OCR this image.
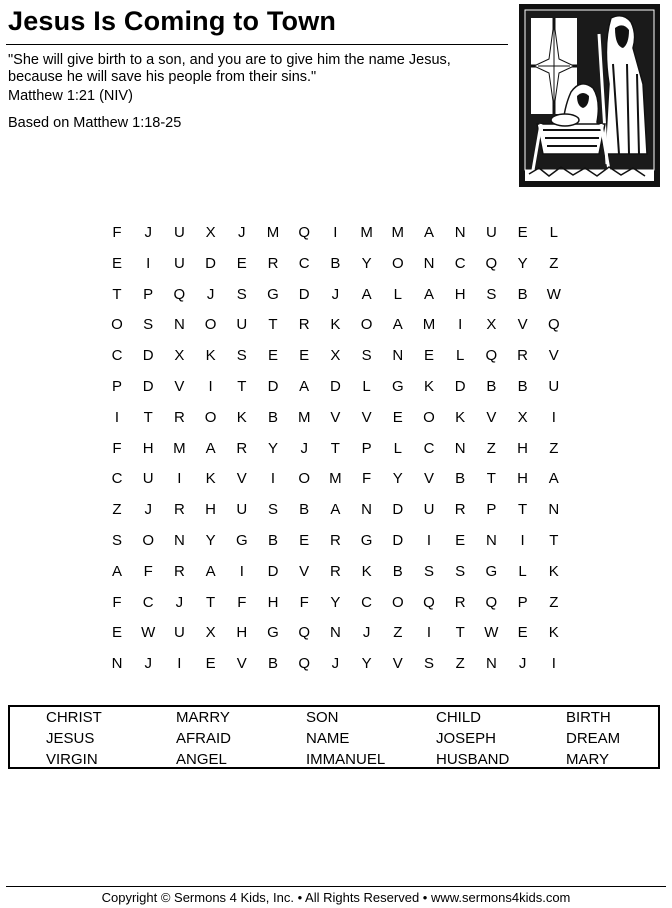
Jesus Is Coming to Town
"She will give birth to a son, and you are to give him the name Jesus, because he will save his people from their sins."
Matthew 1:21 (NIV)
Based on Matthew 1:18-25
F	J	U	X	J	M	Q	I	M	M	A	N	U	E	L
E	I	U	D	E	R	C	B	Y	O	N	C	Q	Y	Z
T	P	Q	J	S	G	D	J	A	L	A	H	S	B	W
O	S	N	O	U	T	R	K	O	A	M	I	X	V	Q
C	D	X	K	S	E	E	X	S	N	E	L	Q	R	V
P	D	V	I	T	D	A	D	L	G	K	D	B	B	U
I	T	R	O	K	B	M	V	V	E	O	K	V	X	I
F	H	M	A	R	Y	J	T	P	L	C	N	Z	H	Z
C	U	I	K	V	I	O	M	F	Y	V	B	T	H	A
Z	J	R	H	U	S	B	A	N	D	U	R	P	T	N
S	O	N	Y	G	B	E	R	G	D	I	E	N	I	T
A	F	R	A	I	D	V	R	K	B	S	S	G	L	K
F	C	J	T	F	H	F	Y	C	O	Q	R	Q	P	Z
E	W	U	X	H	G	Q	N	J	Z	I	T	W	E	K
N	J	I	E	V	B	Q	J	Y	V	S	Z	N	J	I
CHRIST	MARRY	SON	CHILD	BIRTH
JESUS	AFRAID	NAME	JOSEPH	DREAM
VIRGIN	ANGEL	IMMANUEL	HUSBAND	MARY
Copyright © Sermons 4 Kids, Inc. • All Rights Reserved • www.sermons4kids.com
